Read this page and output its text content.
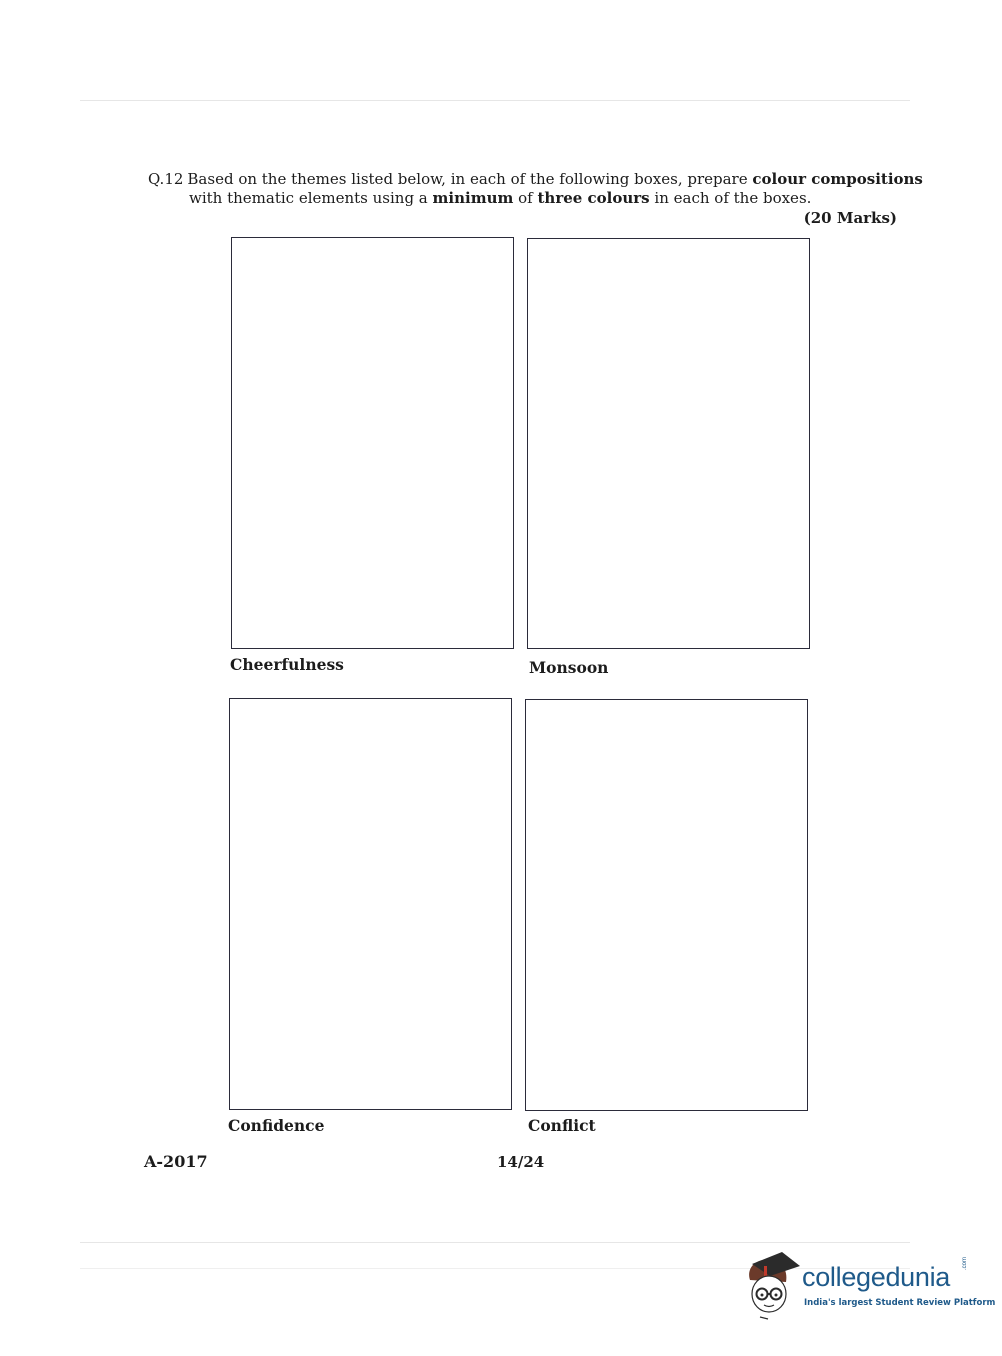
Q.12 Based on the themes listed below, in each of the following boxes, prepare colour compositions
with thematic elements using a minimum of three colours in each of the boxes.
(20 Marks)
Cheerfulness	Monsoon
Confidence	Conflict
A-2017	14/24
collegedunia .com
India's largest Student Review Platform
